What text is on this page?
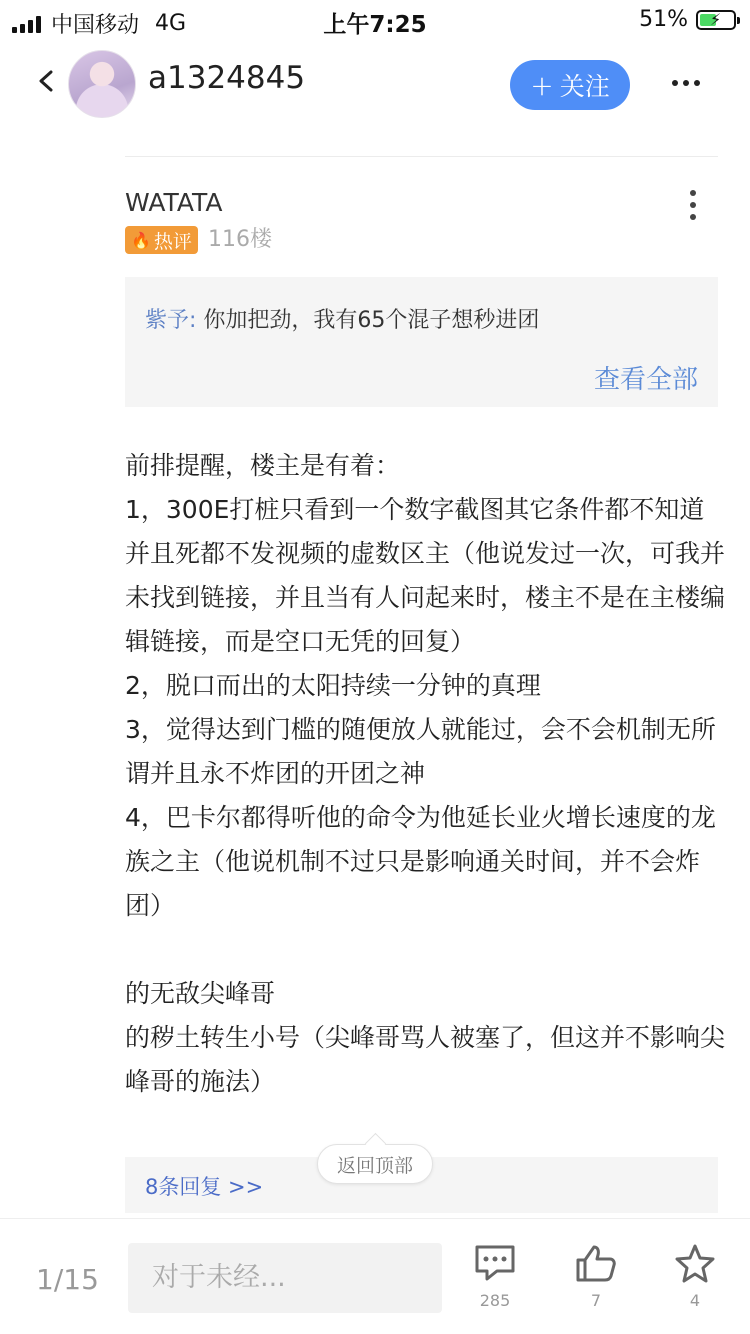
中国移动 4G	上午7:25	51% ⚡
a1324845	+ 关注
WATATA
🔥 热评 116楼
紫予: 你加把劲，我有65个混子想秒进团
查看全部

前排提醒，楼主是有着：

1，300E打桩只看到一个数字截图其它条件都不知道并且死都不发视频的虚数区主（他说发过一次，可我并未找到链接，并且当有人问起来时，楼主不是在主楼编辑链接，而是空口无凭的回复）

2，脱口而出的太阳持续一分钟的真理

3，觉得达到门槛的随便放人就能过，会不会机制无所谓并且永不炸团的开团之神

4，巴卡尔都得听他的命令为他延长业火增长速度的龙族之主（他说机制不过只是影响通关时间，并不会炸团）

的无敌尖峰哥

的秽土转生小号（尖峰哥骂人被塞了，但这并不影响尖峰哥的施法）

返回顶部
8条回复 >>
1/15	对于未经...
285	7	4
